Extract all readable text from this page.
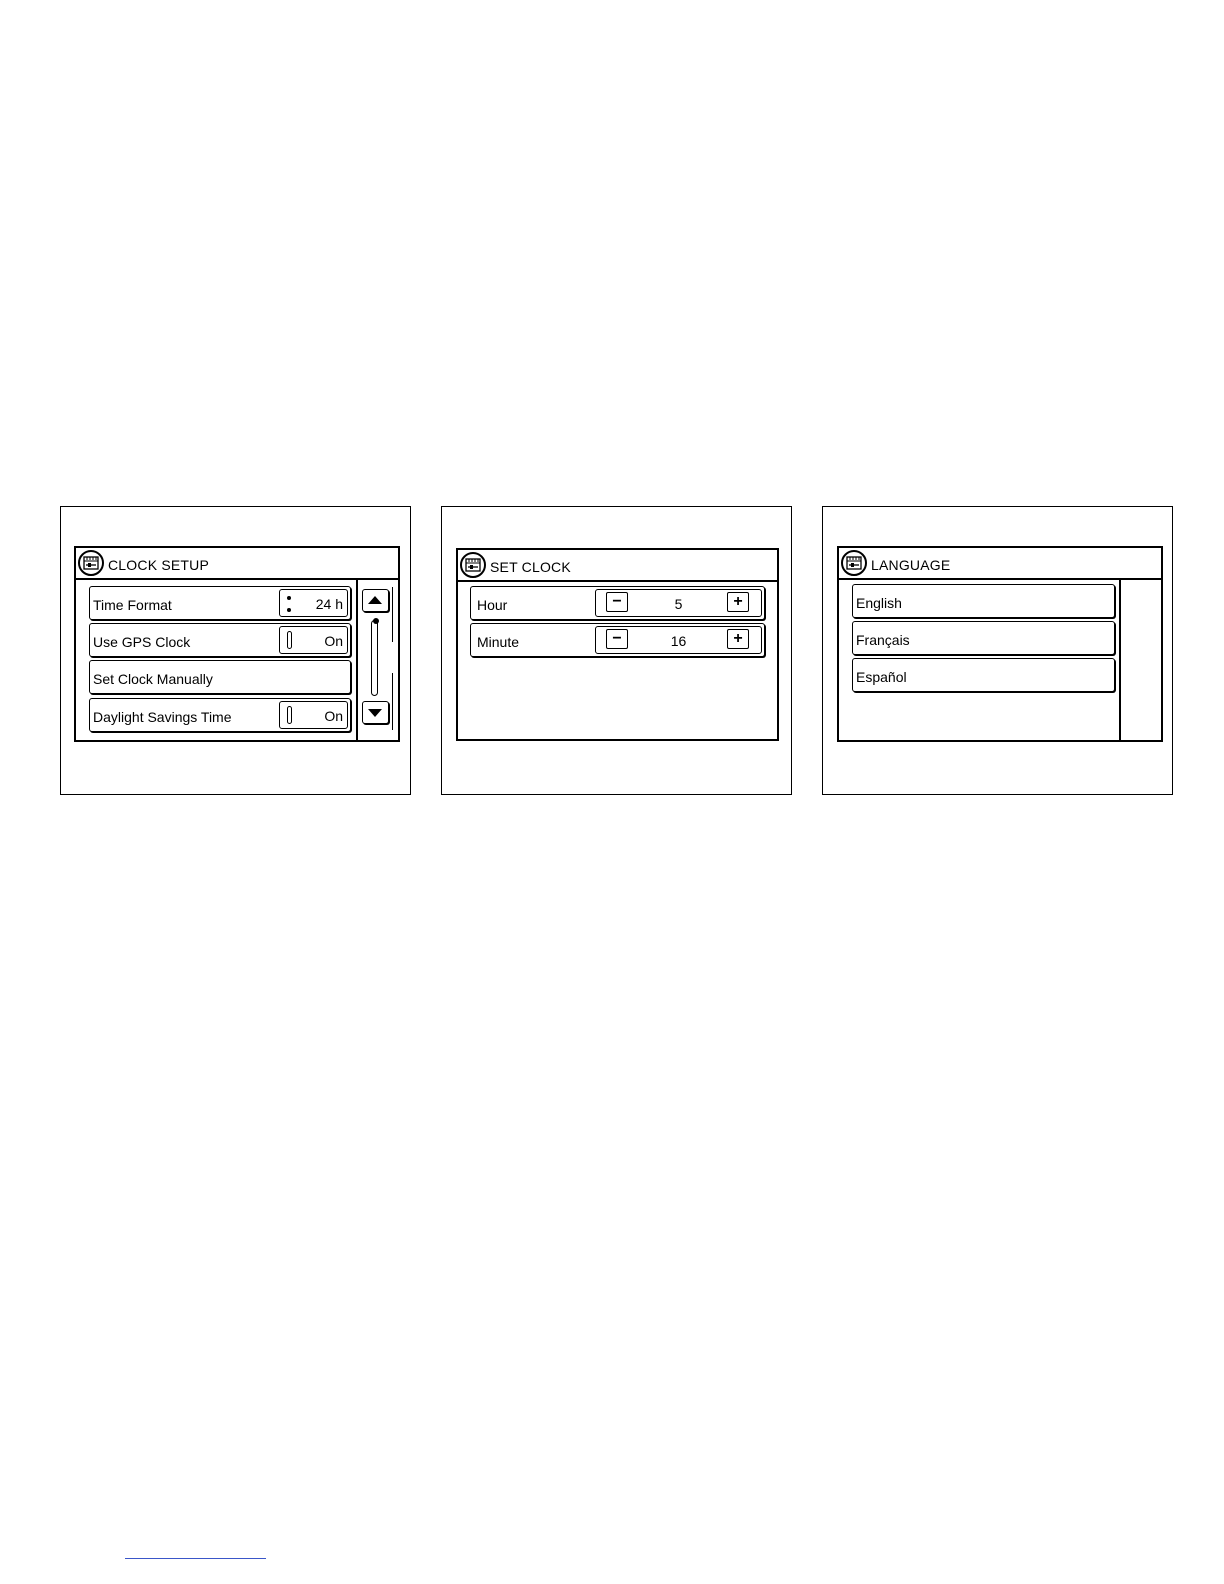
CLOCK SETUP
Time Format	24 h
Use GPS Clock	On
Set Clock Manually
Daylight Savings Time	On
SET CLOCK
Hour	−	5	+
Minute	−	16	+
LANGUAGE
English
Français
Español
